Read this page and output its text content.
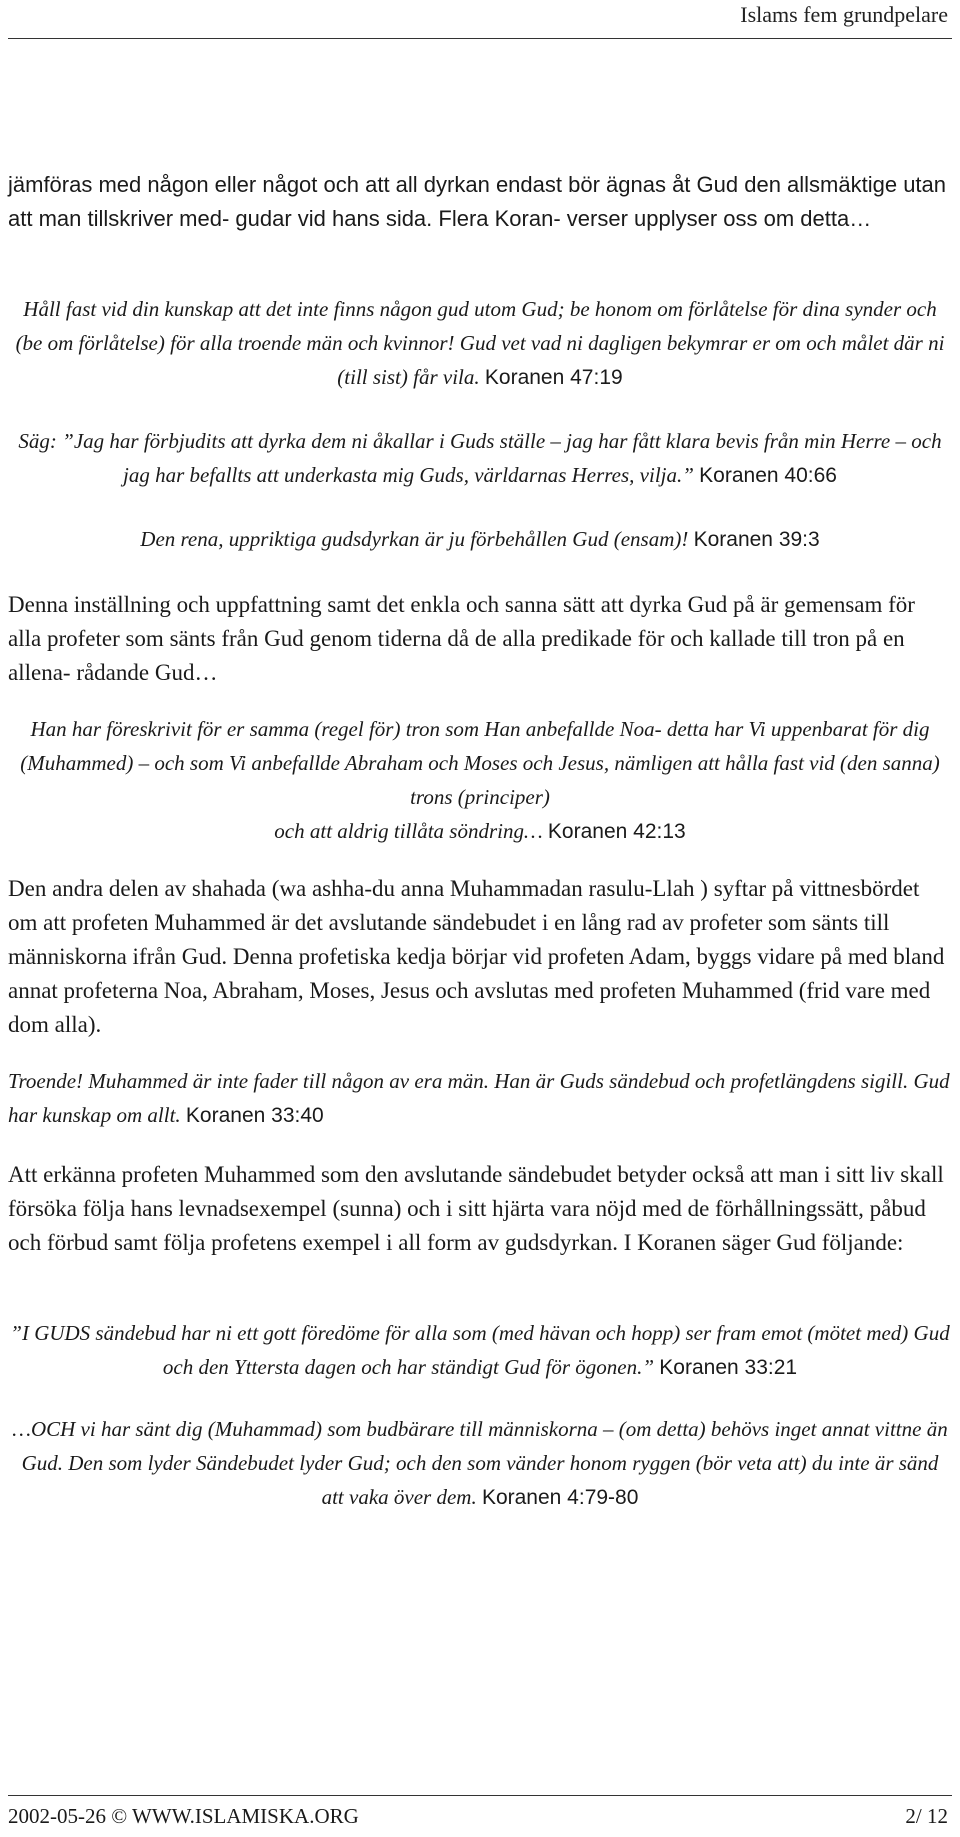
Islams fem grundpelare

jämföras med någon eller något och att all dyrkan endast bör ägnas åt Gud den allsmäktige utan att man tillskriver med- gudar vid hans sida. Flera Koran- verser upplyser oss om detta…

Håll fast vid din kunskap att det inte finns någon gud utom Gud; be honom om förlåtelse för dina synder och (be om förlåtelse) för alla troende män och kvinnor! Gud vet vad ni dagligen bekymrar er om och målet där ni (till sist) får vila. Koranen 47:19
Säg: ”Jag har förbjudits att dyrka dem ni åkallar i Guds ställe – jag har fått klara bevis från min Herre – och jag har befallts att underkasta mig Guds, världarnas Herres, vilja.” Koranen 40:66
Den rena, uppriktiga gudsdyrkan är ju förbehållen Gud (ensam)! Koranen 39:3

Denna inställning och uppfattning samt det enkla och sanna sätt att dyrka Gud på är gemensam för alla profeter som sänts från Gud genom tiderna då de alla predikade för och kallade till tron på en allena- rådande Gud…

Han har föreskrivit för er samma (regel för) tron som Han anbefallde Noa- detta har Vi uppenbarat för dig (Muhammed) – och som Vi anbefallde Abraham och Moses och Jesus, nämligen att hålla fast vid (den sanna) trons (principer)

och att aldrig tillåta söndring… Koranen 42:13

Den andra delen av shahada (wa ashha-du anna Muhammadan rasulu-Llah ) syftar på vittnesbördet om att profeten Muhammed är det avslutande sändebudet i en lång rad av profeter som sänts till människorna ifrån Gud. Denna profetiska kedja börjar vid profeten Adam, byggs vidare på med bland annat profeterna Noa, Abraham, Moses, Jesus och avslutas med profeten Muhammed (frid vare med dom alla).

Troende! Muhammed är inte fader till någon av era män. Han är Guds sändebud och profetlängdens sigill. Gud har kunskap om allt. Koranen 33:40

Att erkänna profeten Muhammed som den avslutande sändebudet betyder också att man i sitt liv skall försöka följa hans levnadsexempel (sunna) och i sitt hjärta vara nöjd med de förhållningssätt, påbud och förbud samt följa profetens exempel i all form av gudsdyrkan. I Koranen säger Gud följande:

”I GUDS sändebud har ni ett gott föredöme för alla som (med hävan och hopp) ser fram emot (mötet med) Gud och den Yttersta dagen och har ständigt Gud för ögonen.” Koranen 33:21
…OCH vi har sänt dig (Muhammad) som budbärare till människorna – (om detta) behövs inget annat vittne än Gud. Den som lyder Sändebudet lyder Gud; och den som vänder honom ryggen (bör veta att) du inte är sänd att vaka över dem. Koranen 4:79-80
2002-05-26 © WWW.ISLAMISKA.ORG	2/ 12
